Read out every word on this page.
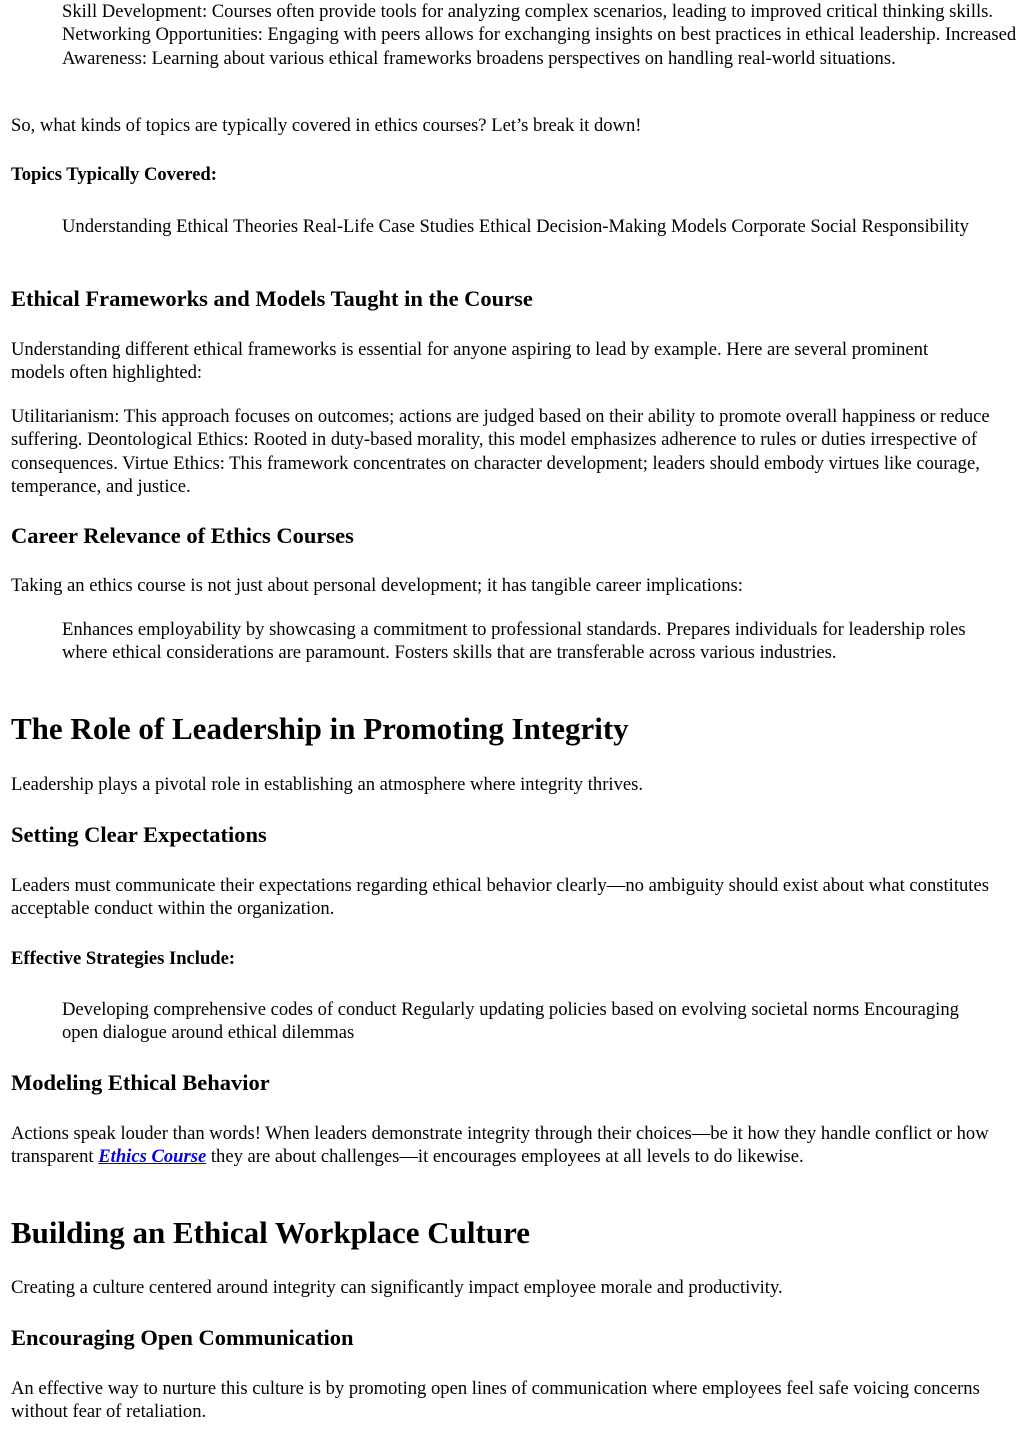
Skill Development: Courses often provide tools for analyzing complex scenarios, leading to improved critical thinking skills. Networking Opportunities: Engaging with peers allows for exchanging insights on best practices in ethical leadership. Increased Awareness: Learning about various ethical frameworks broadens perspectives on handling real-world situations.

So, what kinds of topics are typically covered in ethics courses? Let’s break it down!

Topics Typically Covered:

Understanding Ethical Theories Real-Life Case Studies Ethical Decision-Making Models Corporate Social Responsibility

Ethical Frameworks and Models Taught in the Course

Understanding different ethical frameworks is essential for anyone aspiring to lead by example. Here are several prominent models often highlighted:

Utilitarianism: This approach focuses on outcomes; actions are judged based on their ability to promote overall happiness or reduce suffering. Deontological Ethics: Rooted in duty-based morality, this model emphasizes adherence to rules or duties irrespective of consequences. Virtue Ethics: This framework concentrates on character development; leaders should embody virtues like courage, temperance, and justice.

Career Relevance of Ethics Courses

Taking an ethics course is not just about personal development; it has tangible career implications:

Enhances employability by showcasing a commitment to professional standards. Prepares individuals for leadership roles where ethical considerations are paramount. Fosters skills that are transferable across various industries.

The Role of Leadership in Promoting Integrity

Leadership plays a pivotal role in establishing an atmosphere where integrity thrives.

Setting Clear Expectations

Leaders must communicate their expectations regarding ethical behavior clearly—no ambiguity should exist about what constitutes acceptable conduct within the organization.

Effective Strategies Include:

Developing comprehensive codes of conduct Regularly updating policies based on evolving societal norms Encouraging open dialogue around ethical dilemmas

Modeling Ethical Behavior

Actions speak louder than words! When leaders demonstrate integrity through their choices—be it how they handle conflict or how transparent Ethics Course they are about challenges—it encourages employees at all levels to do likewise.

Building an Ethical Workplace Culture

Creating a culture centered around integrity can significantly impact employee morale and productivity.

Encouraging Open Communication

An effective way to nurture this culture is by promoting open lines of communication where employees feel safe voicing concerns without fear of retaliation.
